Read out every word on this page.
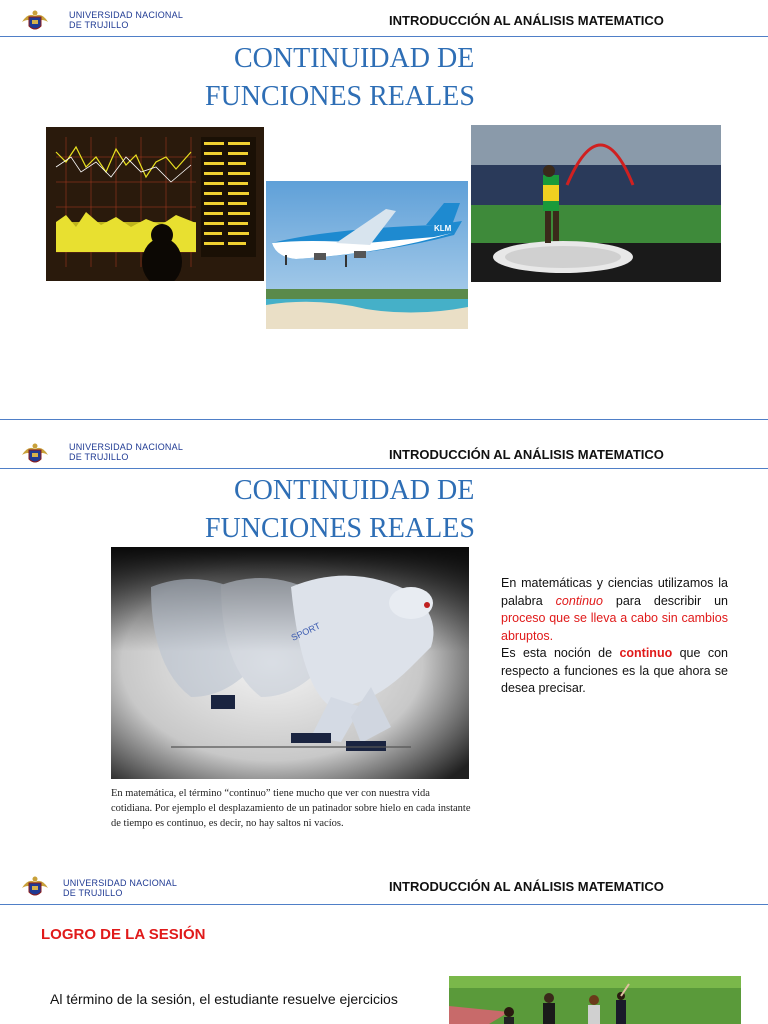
UNIVERSIDAD NACIONAL
DE TRUJILLO	INTRODUCCIÓN AL ANÁLISIS MATEMATICO
CONTINUIDAD DE
FUNCIONES REALES
KLM
UNIVERSIDAD NACIONAL
DE TRUJILLO	INTRODUCCIÓN AL ANÁLISIS MATEMATICO
CONTINUIDAD DE
FUNCIONES REALES
SPORT
En matemática, el término “continuo” tiene mucho que ver con nuestra vida cotidiana. Por ejemplo el desplazamiento de un patinador sobre hielo en cada instante de tiempo es continuo, es decir, no hay saltos ni vacíos.
En matemáticas y ciencias utilizamos la palabra continuo para describir un proceso que se lleva a cabo sin cambios abruptos.
Es esta noción de continuo que con respecto a funciones es la que ahora se desea precisar.
UNIVERSIDAD NACIONAL
DE TRUJILLO	INTRODUCCIÓN AL ANÁLISIS MATEMATICO
LOGRO DE LA SESIÓN
Al término de la sesión, el estudiante resuelve ejercicios
